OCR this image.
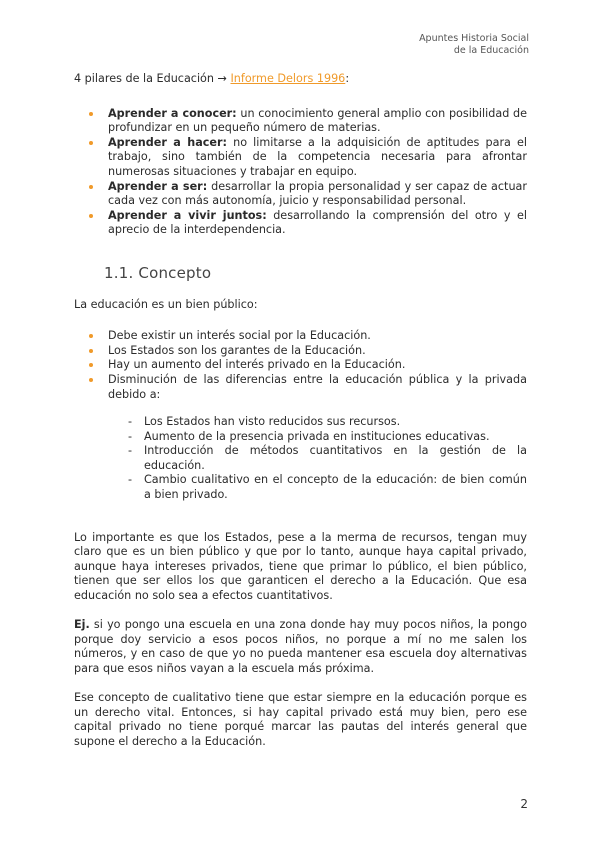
Apuntes Historia Social
de la Educación

4 pilares de la Educación → Informe Delors 1996:

Aprender a conocer: un conocimiento general amplio con posibilidad de profundizar en un pequeño número de materias.
Aprender a hacer: no limitarse a la adquisición de aptitudes para el trabajo, sino también de la competencia necesaria para afrontar numerosas situaciones y trabajar en equipo.
Aprender a ser: desarrollar la propia personalidad y ser capaz de actuar cada vez con más autonomía, juicio y responsabilidad personal.
Aprender a vivir juntos: desarrollando la comprensión del otro y el aprecio de la interdependencia.
1.1. Concepto

La educación es un bien público:

Debe existir un interés social por la Educación.
Los Estados son los garantes de la Educación.
Hay un aumento del interés privado en la Educación.
Disminución de las diferencias entre la educación pública y la privada debido a:
- Los Estados han visto reducidos sus recursos.
- Aumento de la presencia privada en instituciones educativas.
- Introducción de métodos cuantitativos en la gestión de la educación.
- Cambio cualitativo en el concepto de la educación: de bien común a bien privado.

Lo importante es que los Estados, pese a la merma de recursos, tengan muy claro que es un bien público y que por lo tanto, aunque haya capital privado, aunque haya intereses privados, tiene que primar lo público, el bien público, tienen que ser ellos los que garanticen el derecho a la Educación. Que esa educación no solo sea a efectos cuantitativos.

Ej. si yo pongo una escuela en una zona donde hay muy pocos niños, la pongo porque doy servicio a esos pocos niños, no porque a mí no me salen los números, y en caso de que yo no pueda mantener esa escuela doy alternativas para que esos niños vayan a la escuela más próxima.

Ese concepto de cualitativo tiene que estar siempre en la educación porque es un derecho vital. Entonces, si hay capital privado está muy bien, pero ese capital privado no tiene porqué marcar las pautas del interés general que supone el derecho a la Educación.

2
